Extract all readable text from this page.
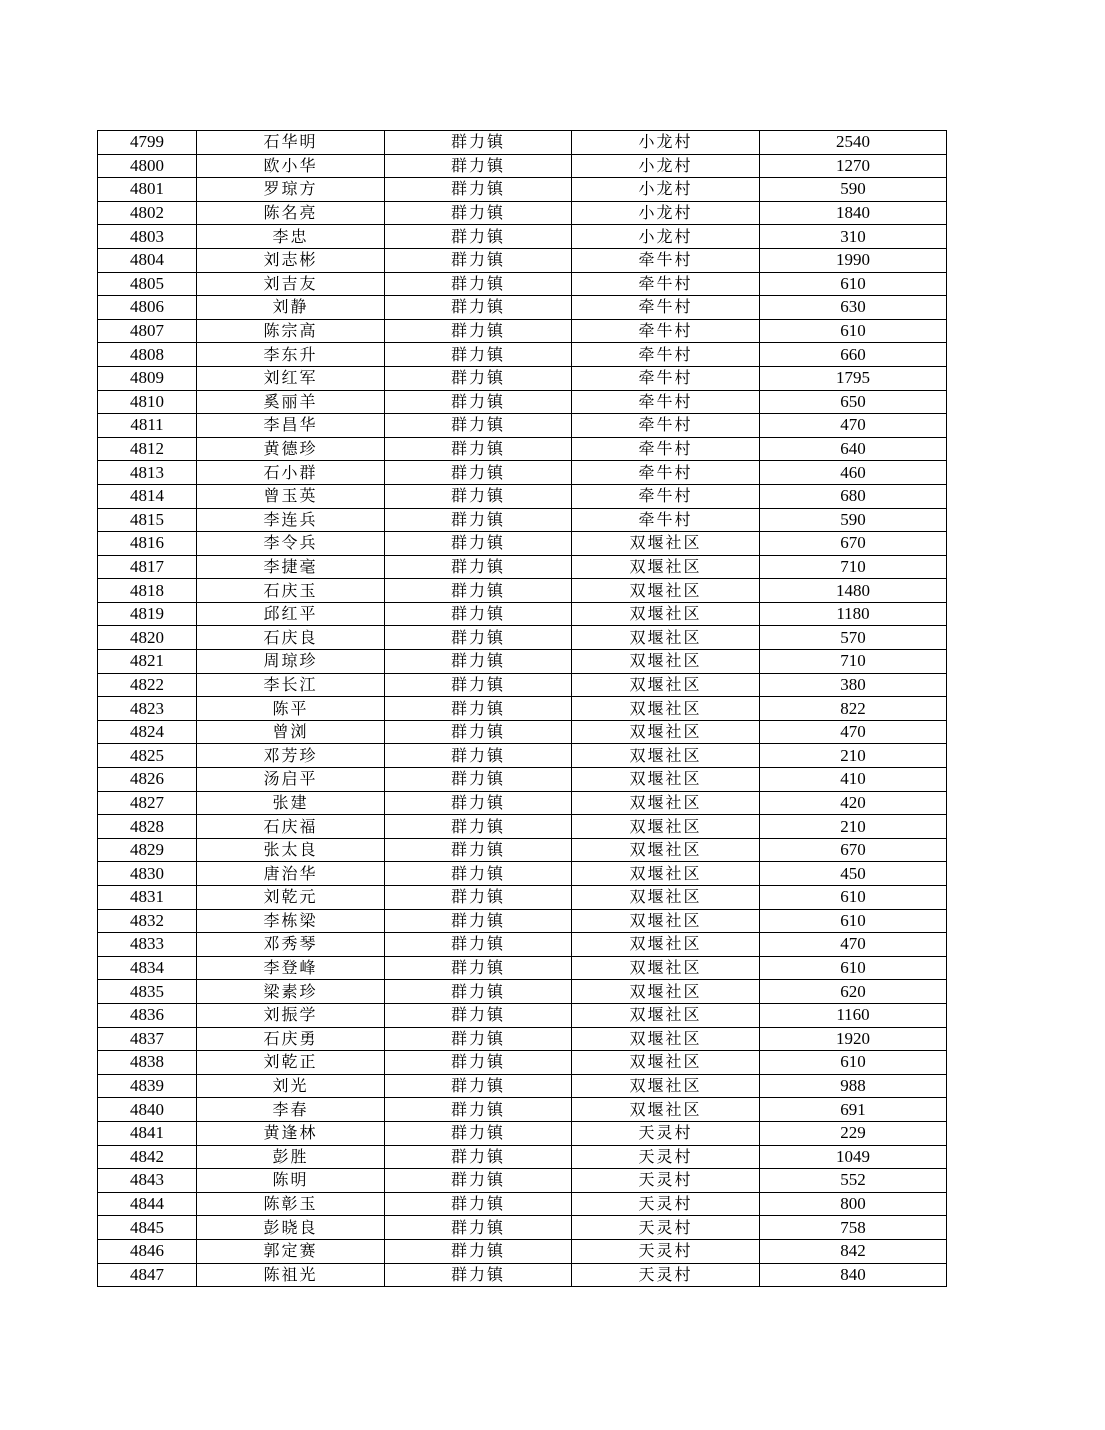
4799	石华明	群力镇	小龙村	2540
4800	欧小华	群力镇	小龙村	1270
4801	罗琼方	群力镇	小龙村	590
4802	陈名亮	群力镇	小龙村	1840
4803	李忠	群力镇	小龙村	310
4804	刘志彬	群力镇	牵牛村	1990
4805	刘吉友	群力镇	牵牛村	610
4806	刘静	群力镇	牵牛村	630
4807	陈宗高	群力镇	牵牛村	610
4808	李东升	群力镇	牵牛村	660
4809	刘红军	群力镇	牵牛村	1795
4810	奚丽羊	群力镇	牵牛村	650
4811	李昌华	群力镇	牵牛村	470
4812	黄德珍	群力镇	牵牛村	640
4813	石小群	群力镇	牵牛村	460
4814	曾玉英	群力镇	牵牛村	680
4815	李连兵	群力镇	牵牛村	590
4816	李令兵	群力镇	双堰社区	670
4817	李捷毫	群力镇	双堰社区	710
4818	石庆玉	群力镇	双堰社区	1480
4819	邱红平	群力镇	双堰社区	1180
4820	石庆良	群力镇	双堰社区	570
4821	周琼珍	群力镇	双堰社区	710
4822	李长江	群力镇	双堰社区	380
4823	陈平	群力镇	双堰社区	822
4824	曾浏	群力镇	双堰社区	470
4825	邓芳珍	群力镇	双堰社区	210
4826	汤启平	群力镇	双堰社区	410
4827	张建	群力镇	双堰社区	420
4828	石庆福	群力镇	双堰社区	210
4829	张太良	群力镇	双堰社区	670
4830	唐治华	群力镇	双堰社区	450
4831	刘乾元	群力镇	双堰社区	610
4832	李栋梁	群力镇	双堰社区	610
4833	邓秀琴	群力镇	双堰社区	470
4834	李登峰	群力镇	双堰社区	610
4835	梁素珍	群力镇	双堰社区	620
4836	刘振学	群力镇	双堰社区	1160
4837	石庆勇	群力镇	双堰社区	1920
4838	刘乾正	群力镇	双堰社区	610
4839	刘光	群力镇	双堰社区	988
4840	李春	群力镇	双堰社区	691
4841	黄逢林	群力镇	天灵村	229
4842	彭胜	群力镇	天灵村	1049
4843	陈明	群力镇	天灵村	552
4844	陈彰玉	群力镇	天灵村	800
4845	彭晓良	群力镇	天灵村	758
4846	郭定赛	群力镇	天灵村	842
4847	陈祖光	群力镇	天灵村	840
